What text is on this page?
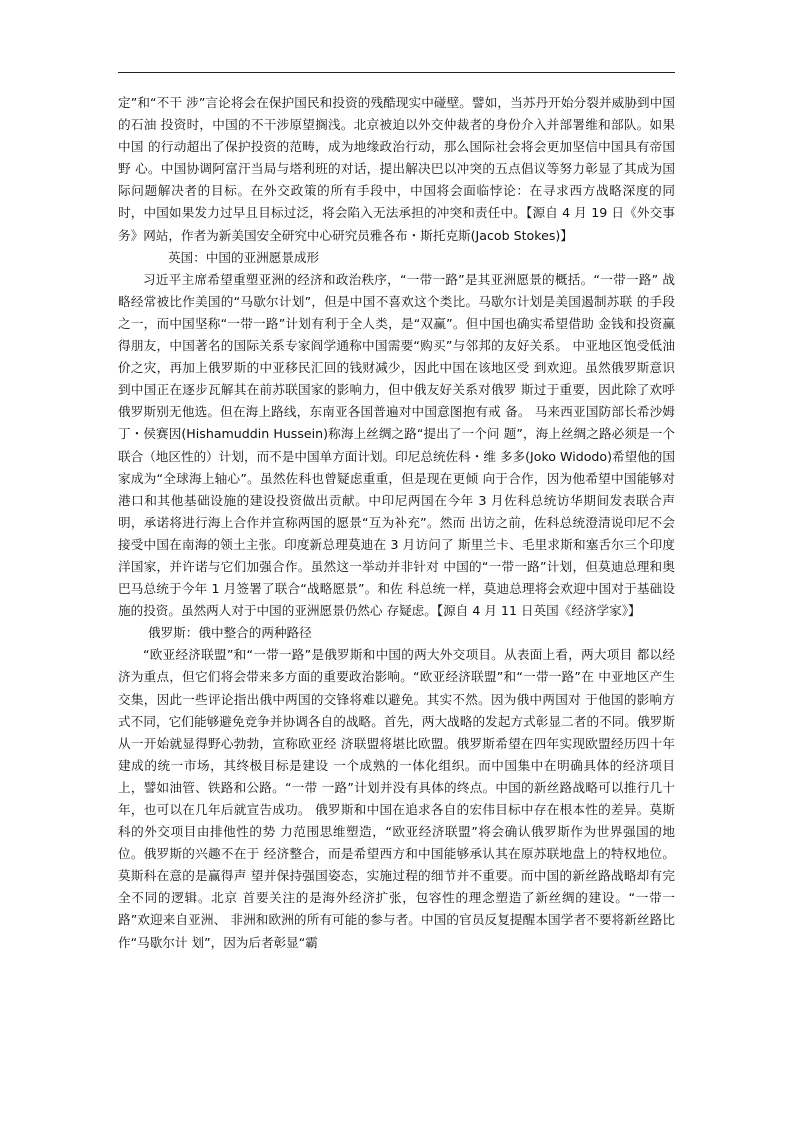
定”和“不干 涉”言论将会在保护国民和投资的残酷现实中碰壁。譬如，当苏丹开始分裂并威胁到中国的石油 投资时，中国的不干涉原望搁浅。北京被迫以外交仲裁者的身份介入并部署维和部队。如果中国 的行动超出了保护投资的范畴，成为地缘政治行动，那么国际社会将会更加坚信中国具有帝国野 心。中国协调阿富汗当局与塔利班的对话，提出解决巴以冲突的五点倡议等努力彰显了其成为国 际问题解决者的目标。在外交政策的所有手段中，中国将会面临悖论：在寻求西方战略深度的同 时，中国如果发力过早且目标过泛，将会陷入无法承担的冲突和责任中。【源自 4 月 19 日《外交事务》网站，作者为新美国安全研究中心研究员雅各布・斯托克斯(Jacob Stokes)】

英国：中国的亚洲愿景成形

习近平主席希望重塑亚洲的经济和政治秩序，“一带一路”是其亚洲愿景的概括。“一带一路” 战略经常被比作美国的“马歇尔计划”，但是中国不喜欢这个类比。马歇尔计划是美国遏制苏联 的手段之一，而中国坚称“一带一路”计划有利于全人类，是“双赢”。但中国也确实希望借助 金钱和投资赢得朋友，中国著名的国际关系专家阎学通称中国需要“购买”与邻邦的友好关系。 中亚地区饱受低油价之灾，再加上俄罗斯的中亚移民汇回的钱财减少，因此中国在该地区受 到欢迎。虽然俄罗斯意识到中国正在逐步瓦解其在前苏联国家的影响力，但中俄友好关系对俄罗 斯过于重要，因此除了欢呼俄罗斯别无他选。但在海上路线，东南亚各国普遍对中国意图抱有戒 备。 马来西亚国防部长希沙姆丁・侯赛因(Hishamuddin Hussein)称海上丝绸之路“提出了一个问 题”，海上丝绸之路必须是一个联合（地区性的）计划，而不是中国单方面计划。印尼总统佐科・维 多多(Joko Widodo)希望他的国家成为“全球海上轴心”。虽然佐科也曾疑虑重重，但是现在更倾 向于合作，因为他希望中国能够对港口和其他基础设施的建设投资做出贡献。中印尼两国在今年 3 月佐科总统访华期间发表联合声明，承诺将进行海上合作并宣称两国的愿景“互为补充”。然而 出访之前，佐科总统澄清说印尼不会接受中国在南海的领土主张。印度新总理莫迪在 3 月访问了 斯里兰卡、毛里求斯和塞舌尔三个印度洋国家，并许诺与它们加强合作。虽然这一举动并非针对 中国的“一带一路”计划，但莫迪总理和奥巴马总统于今年 1 月签署了联合“战略愿景”。和佐 科总统一样，莫迪总理将会欢迎中国对于基础设施的投资。虽然两人对于中国的亚洲愿景仍然心 存疑虑。【源自 4 月 11 日英国《经济学家》】

俄罗斯：俄中整合的两种路径

“欧亚经济联盟”和“一带一路”是俄罗斯和中国的两大外交项目。从表面上看，两大项目 都以经济为重点，但它们将会带来多方面的重要政治影响。“欧亚经济联盟”和“一带一路”在 中亚地区产生交集，因此一些评论指出俄中两国的交锋将难以避免。其实不然。因为俄中两国对 于他国的影响方式不同，它们能够避免竞争并协调各自的战略。首先，两大战略的发起方式彰显二者的不同。俄罗斯从一开始就显得野心勃勃，宣称欧亚经 济联盟将堪比欧盟。俄罗斯希望在四年实现欧盟经历四十年建成的统一市场，其终极目标是建设 一个成熟的一体化组织。而中国集中在明确具体的经济项目上，譬如油管、铁路和公路。“一带 一路”计划并没有具体的终点。中国的新丝路战略可以推行几十年，也可以在几年后就宣告成功。 俄罗斯和中国在追求各自的宏伟目标中存在根本性的差异。莫斯科的外交项目由排他性的势 力范围思维塑造，“欧亚经济联盟”将会确认俄罗斯作为世界强国的地位。俄罗斯的兴趣不在于 经济整合，而是希望西方和中国能够承认其在原苏联地盘上的特权地位。莫斯科在意的是赢得声 望并保持强国姿态，实施过程的细节并不重要。而中国的新丝路战略却有完全不同的逻辑。北京 首要关注的是海外经济扩张，包容性的理念塑造了新丝绸的建设。“一带一路”欢迎来自亚洲、 非洲和欧洲的所有可能的参与者。中国的官员反复提醒本国学者不要将新丝路比作“马歇尔计 划”，因为后者彰显“霸
